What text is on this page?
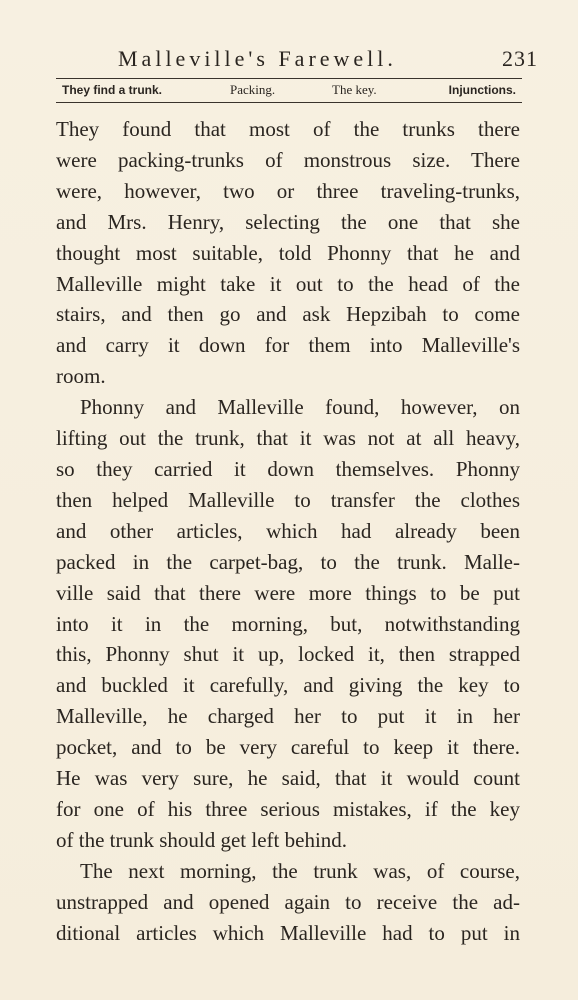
Malleville's Farewell.	231
They find a trunk.	Packing.	The key.	Injunctions.
They found that most of the trunks there
were packing-trunks of monstrous size. There
were, however, two or three traveling-trunks,
and Mrs. Henry, selecting the one that she
thought most suitable, told Phonny that he and
Malleville might take it out to the head of the
stairs, and then go and ask Hepzibah to come
and carry it down for them into Malleville's
room.
Phonny and Malleville found, however, on
lifting out the trunk, that it was not at all heavy,
so they carried it down themselves. Phonny
then helped Malleville to transfer the clothes
and other articles, which had already been
packed in the carpet-bag, to the trunk. Malle-
ville said that there were more things to be put
into it in the morning, but, notwithstanding
this, Phonny shut it up, locked it, then strapped
and buckled it carefully, and giving the key to
Malleville, he charged her to put it in her
pocket, and to be very careful to keep it there.
He was very sure, he said, that it would count
for one of his three serious mistakes, if the key
of the trunk should get left behind.
The next morning, the trunk was, of course,
unstrapped and opened again to receive the ad-
ditional articles which Malleville had to put in
